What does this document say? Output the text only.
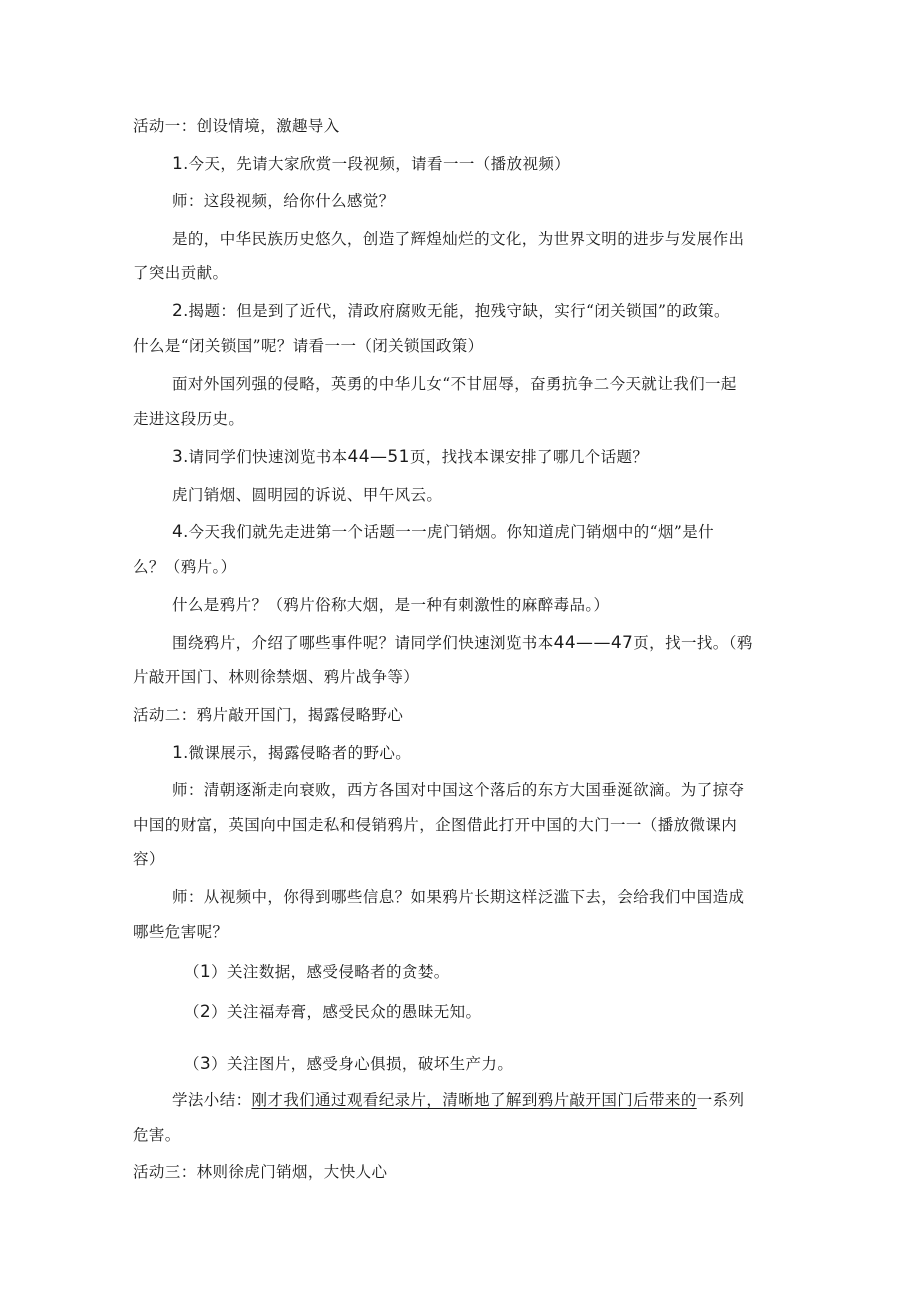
活动一：创设情境，激趣导入

1.今天，先请大家欣赏一段视频，请看一一（播放视频）

师：这段视频，给你什么感觉？

是的，中华民族历史悠久，创造了辉煌灿烂的文化，为世界文明的进步与发展作出

了突出贡献。

2.揭题：但是到了近代，清政府腐败无能，抱残守缺，实行“闭关锁国”的政策。

什么是“闭关锁国”呢？请看一一（闭关锁国政策）

面对外国列强的侵略，英勇的中华儿女“不甘屈辱，奋勇抗争二今天就让我们一起

走进这段历史。

3.请同学们快速浏览书本44—51页，找找本课安排了哪几个话题？

虎门销烟、圆明园的诉说、甲午风云。

4.今天我们就先走进第一个话题一一虎门销烟。你知道虎门销烟中的“烟”是什

么？（鸦片。）

什么是鸦片？（鸦片俗称大烟，是一种有刺激性的麻醉毒品。）

围绕鸦片，介绍了哪些事件呢？请同学们快速浏览书本44——47页，找一找。（鸦

片敲开国门、林则徐禁烟、鸦片战争等）

活动二：鸦片敲开国门，揭露侵略野心

1.微课展示，揭露侵略者的野心。

师：清朝逐渐走向衰败，西方各国对中国这个落后的东方大国垂涎欲滴。为了掠夺

中国的财富，英国向中国走私和侵销鸦片，企图借此打开中国的大门一一（播放微课内

容）

师：从视频中，你得到哪些信息？如果鸦片长期这样泛滥下去，会给我们中国造成

哪些危害呢？

（1）关注数据，感受侵略者的贪婪。

（2）关注福寿膏，感受民众的愚昧无知。

（3）关注图片，感受身心俱损，破坏生产力。

学法小结：刚才我们通过观看纪录片，清晰地了解到鸦片敲开国门后带来的一系列

危害。

活动三：林则徐虎门销烟，大快人心
